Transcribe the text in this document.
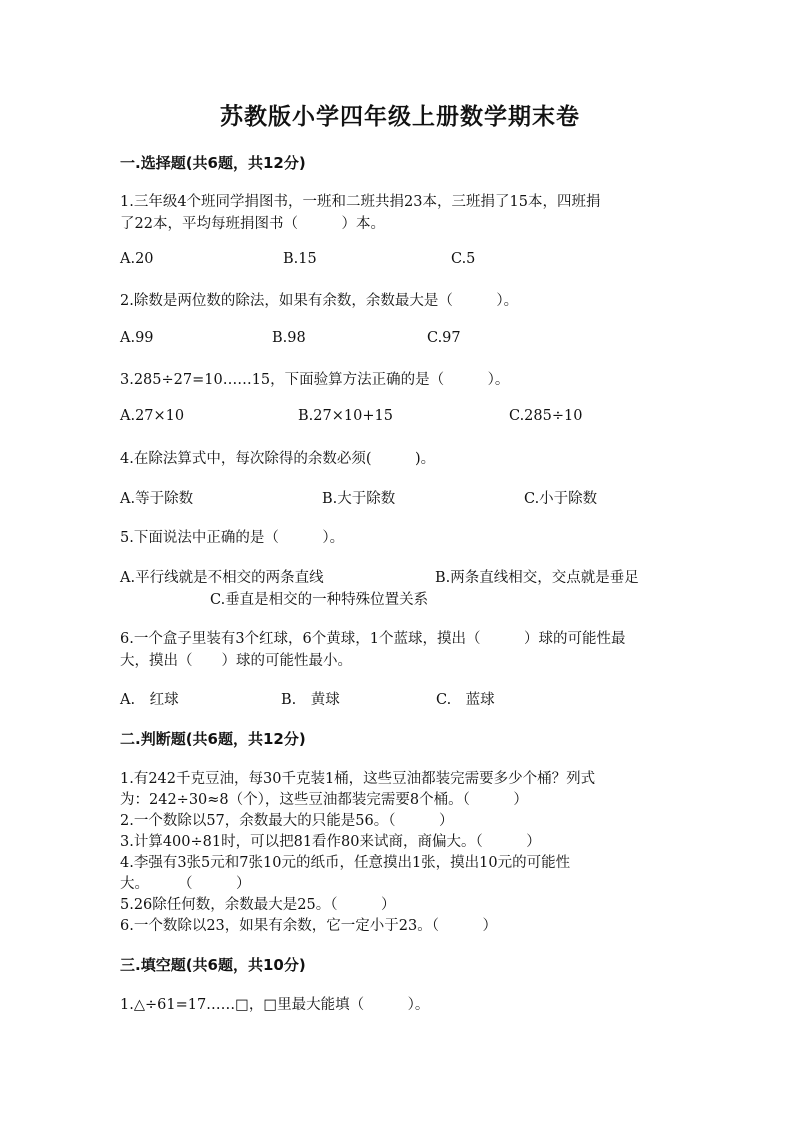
苏教版小学四年级上册数学期末卷
一.选择题(共6题，共12分)
1.三年级4个班同学捐图书，一班和二班共捐23本，三班捐了15本，四班捐
了22本，平均每班捐图书（　　　）本。
A.20	B.15	C.5
2.除数是两位数的除法，如果有余数，余数最大是（　　　）。
A.99	B.98	C.97
3.285÷27=10……15，下面验算方法正确的是（　　　）。
A.27×10	B.27×10+15	C.285÷10
4.在除法算式中，每次除得的余数必须(　　　)。
A.等于除数	B.大于除数	C.小于除数
5.下面说法中正确的是（　　　）。
A.平行线就是不相交的两条直线	B.两条直线相交，交点就是垂足
C.垂直是相交的一种特殊位置关系
6.一个盒子里装有3个红球，6个黄球，1个蓝球，摸出（　　　）球的可能性最
大，摸出（　　）球的可能性最小。
A.　红球	B.　黄球	C.　蓝球
二.判断题(共6题，共12分)
1.有242千克豆油，每30千克装1桶，这些豆油都装完需要多少个桶？列式
为：242÷30≈8（个），这些豆油都装完需要8个桶。（　　　）
2.一个数除以57，余数最大的只能是56。（　　　）
3.计算400÷81时，可以把81看作80来试商，商偏大。（　　　）
4.李强有3张5元和7张10元的纸币，任意摸出1张，摸出10元的可能性
大。　　　（　　　）
5.26除任何数，余数最大是25。（　　　）
6.一个数除以23，如果有余数，它一定小于23。（　　　）
三.填空题(共6题，共10分)
1.△÷61=17……□，□里最大能填（　　　）。
